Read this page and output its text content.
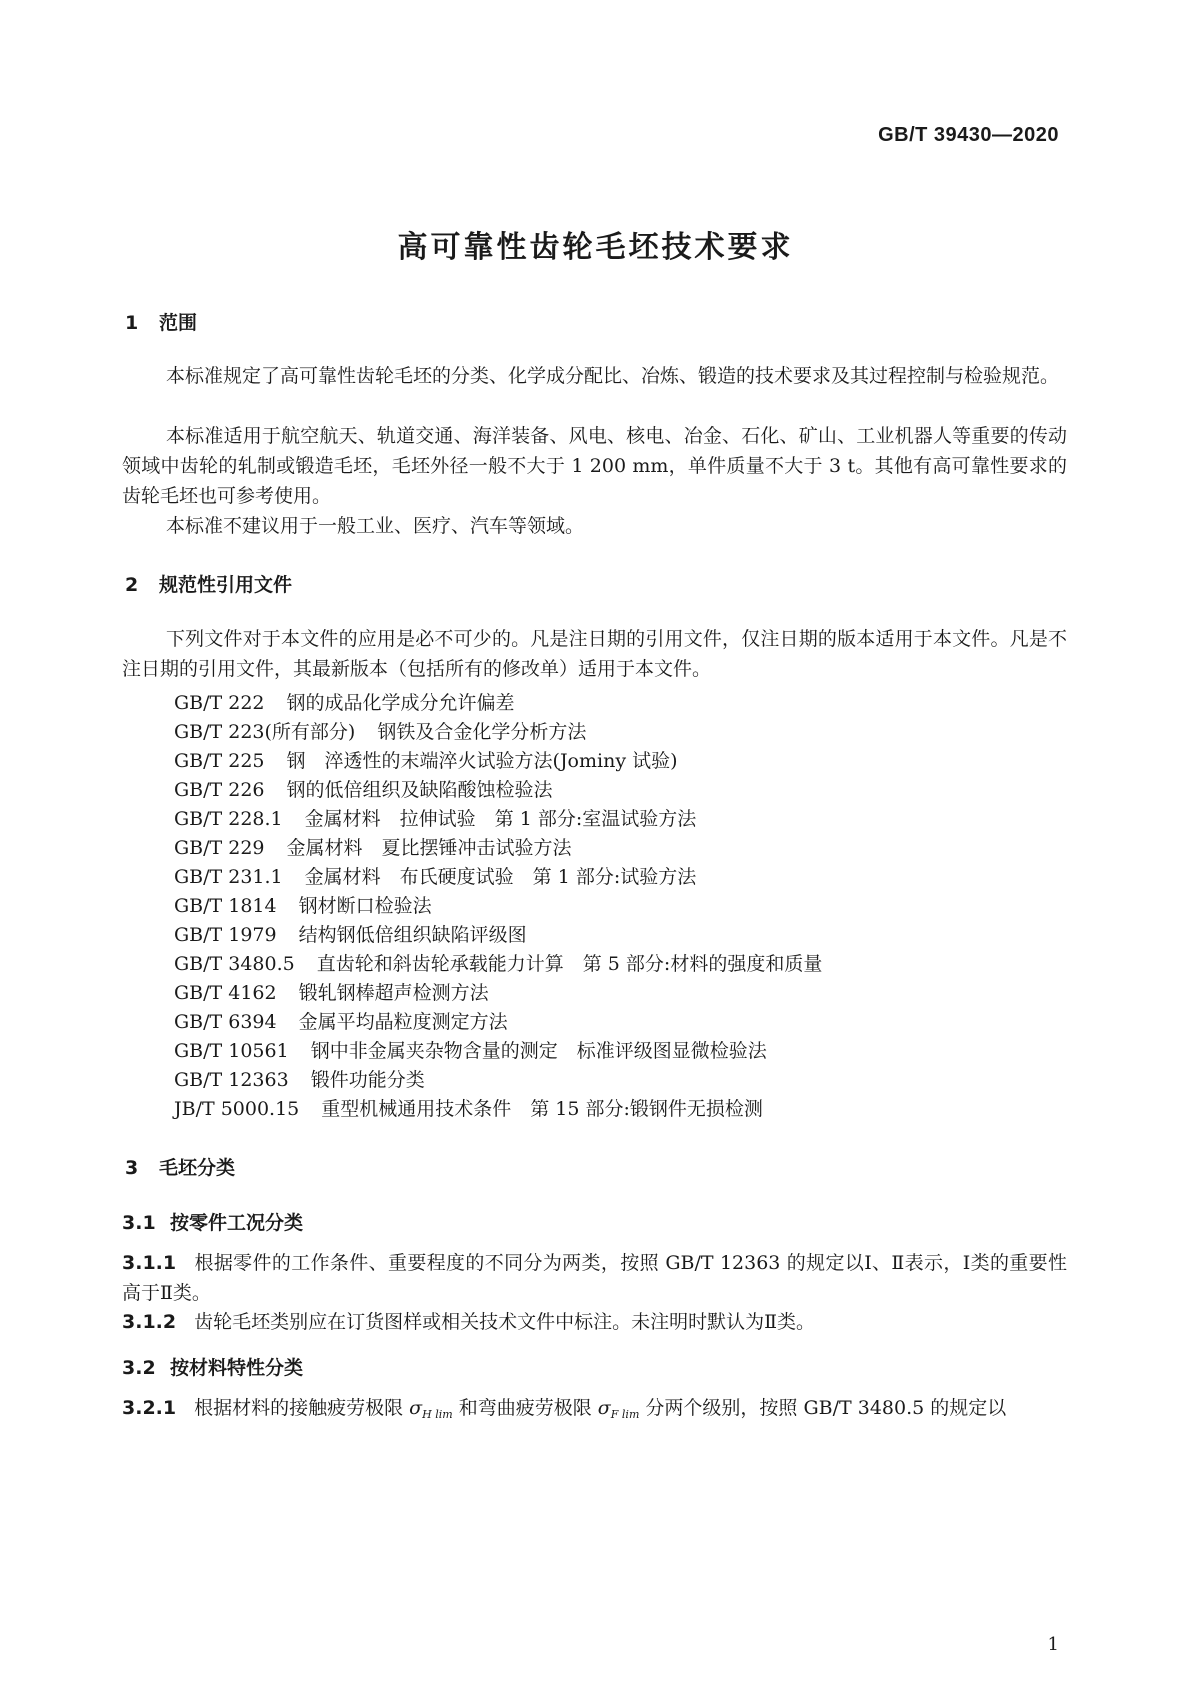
GB/T 39430—2020
高可靠性齿轮毛坯技术要求
1 范围
本标准规定了高可靠性齿轮毛坯的分类、化学成分配比、冶炼、锻造的技术要求及其过程控制与检验规范。
本标准适用于航空航天、轨道交通、海洋装备、风电、核电、冶金、石化、矿山、工业机器人等重要的传动领域中齿轮的轧制或锻造毛坯，毛坯外径一般不大于 1 200 mm，单件质量不大于 3 t。其他有高可靠性要求的齿轮毛坯也可参考使用。
本标准不建议用于一般工业、医疗、汽车等领域。
2 规范性引用文件
下列文件对于本文件的应用是必不可少的。凡是注日期的引用文件，仅注日期的版本适用于本文件。凡是不注日期的引用文件，其最新版本（包括所有的修改单）适用于本文件。
GB/T 222 钢的成品化学成分允许偏差
GB/T 223(所有部分) 钢铁及合金化学分析方法
GB/T 225 钢　淬透性的末端淬火试验方法(Jominy 试验)
GB/T 226 钢的低倍组织及缺陷酸蚀检验法
GB/T 228.1 金属材料　拉伸试验　第 1 部分:室温试验方法
GB/T 229 金属材料　夏比摆锤冲击试验方法
GB/T 231.1 金属材料　布氏硬度试验　第 1 部分:试验方法
GB/T 1814 钢材断口检验法
GB/T 1979 结构钢低倍组织缺陷评级图
GB/T 3480.5 直齿轮和斜齿轮承载能力计算　第 5 部分:材料的强度和质量
GB/T 4162 锻轧钢棒超声检测方法
GB/T 6394 金属平均晶粒度测定方法
GB/T 10561 钢中非金属夹杂物含量的测定　标准评级图显微检验法
GB/T 12363 锻件功能分类
JB/T 5000.15 重型机械通用技术条件　第 15 部分:锻钢件无损检测
3 毛坯分类
3.1 按零件工况分类
3.1.1 根据零件的工作条件、重要程度的不同分为两类，按照 GB/T 12363 的规定以Ⅰ、Ⅱ表示，Ⅰ类的重要性高于Ⅱ类。
3.1.2 齿轮毛坯类别应在订货图样或相关技术文件中标注。未注明时默认为Ⅱ类。
3.2 按材料特性分类
3.2.1 根据材料的接触疲劳极限 $\sigma_{H lim}$ 和弯曲疲劳极限 $\sigma_{F lim}$ 分两个级别，按照 GB/T 3480.5 的规定以
1
